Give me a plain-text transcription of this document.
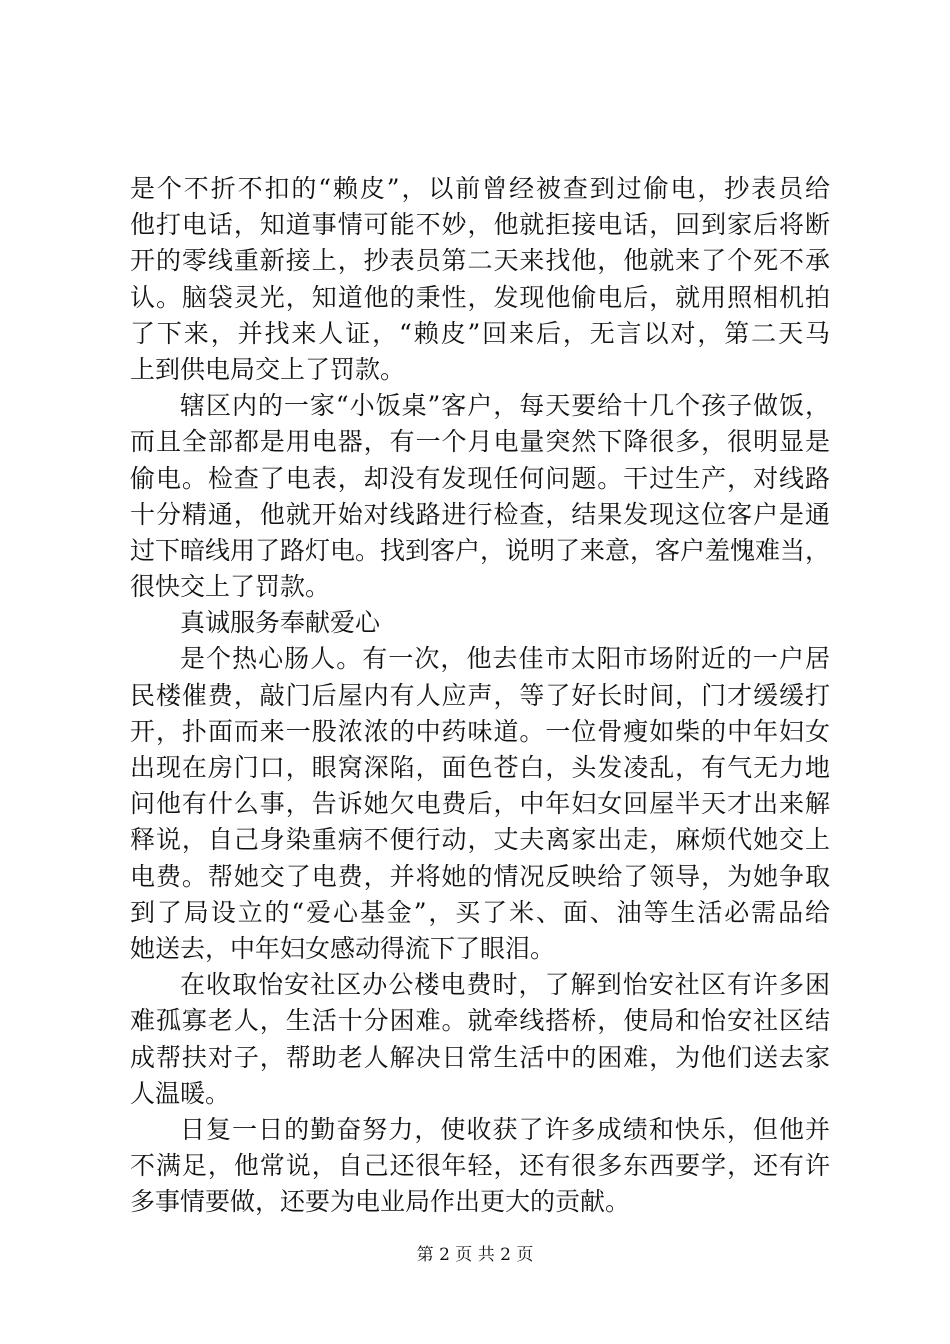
是个不折不扣的“赖皮”，以前曾经被查到过偷电，抄表员给
他打电话，知道事情可能不妙，他就拒接电话，回到家后将断
开的零线重新接上，抄表员第二天来找他，他就来了个死不承
认。脑袋灵光，知道他的秉性，发现他偷电后，就用照相机拍
了下来，并找来人证，“赖皮”回来后，无言以对，第二天马
上到供电局交上了罚款。
辖区内的一家“小饭桌”客户，每天要给十几个孩子做饭，
而且全部都是用电器，有一个月电量突然下降很多，很明显是
偷电。检查了电表，却没有发现任何问题。干过生产，对线路
十分精通，他就开始对线路进行检查，结果发现这位客户是通
过下暗线用了路灯电。找到客户，说明了来意，客户羞愧难当，
很快交上了罚款。
真诚服务奉献爱心
是个热心肠人。有一次，他去佳市太阳市场附近的一户居
民楼催费，敲门后屋内有人应声，等了好长时间，门才缓缓打
开，扑面而来一股浓浓的中药味道。一位骨瘦如柴的中年妇女
出现在房门口，眼窝深陷，面色苍白，头发凌乱，有气无力地
问他有什么事，告诉她欠电费后，中年妇女回屋半天才出来解
释说，自己身染重病不便行动，丈夫离家出走，麻烦代她交上
电费。帮她交了电费，并将她的情况反映给了领导，为她争取
到了局设立的“爱心基金”，买了米、面、油等生活必需品给
她送去，中年妇女感动得流下了眼泪。
在收取怡安社区办公楼电费时，了解到怡安社区有许多困
难孤寡老人，生活十分困难。就牵线搭桥，使局和怡安社区结
成帮扶对子，帮助老人解决日常生活中的困难，为他们送去家
人温暖。
日复一日的勤奋努力，使收获了许多成绩和快乐，但他并
不满足，他常说，自己还很年轻，还有很多东西要学，还有许
多事情要做，还要为电业局作出更大的贡献。
第 2 页 共 2 页
